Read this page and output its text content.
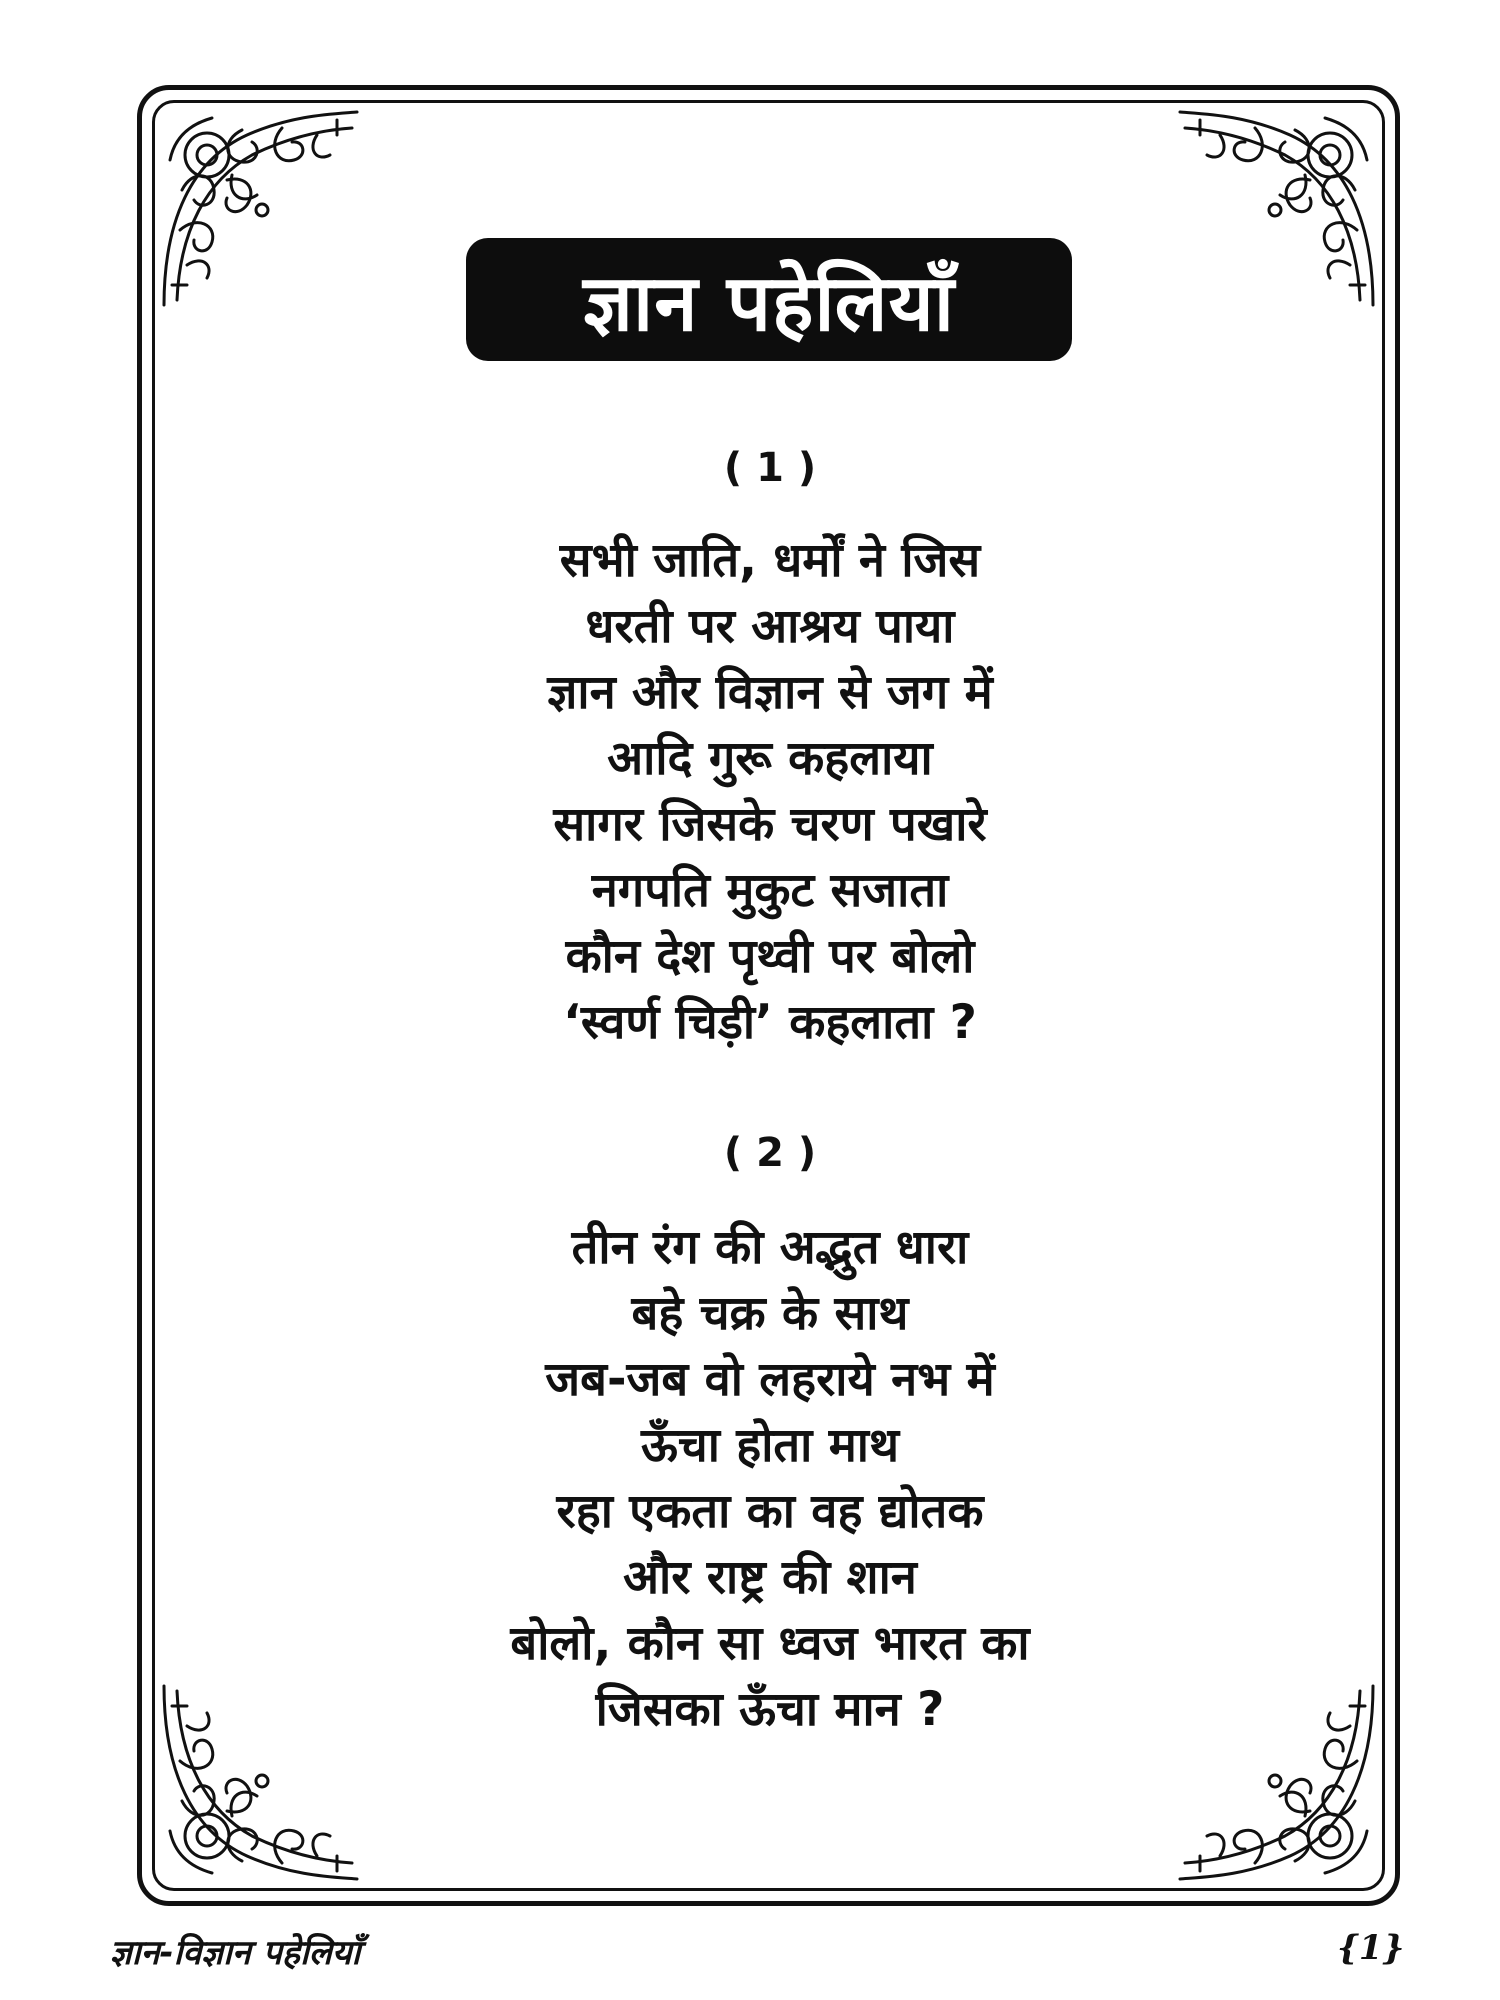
ज्ञान पहेलियाँ
( 1 )
सभी जाति, धर्मों ने जिस
धरती पर आश्रय पाया
ज्ञान और विज्ञान से जग में
आदि गुरू कहलाया
सागर जिसके चरण पखारे
नगपति मुकुट सजाता
कौन देश पृथ्वी पर बोलो
‘स्वर्ण चिड़ी’ कहलाता ?
( 2 )
तीन रंग की अद्भुत धारा
बहे चक्र के साथ
जब-जब वो लहराये नभ में
ऊँचा होता माथ
रहा एकता का वह द्योतक
और राष्ट्र की शान
बोलो, कौन सा ध्वज भारत का
जिसका ऊँचा मान ?
ज्ञान-विज्ञान पहेलियाँ	{1}
